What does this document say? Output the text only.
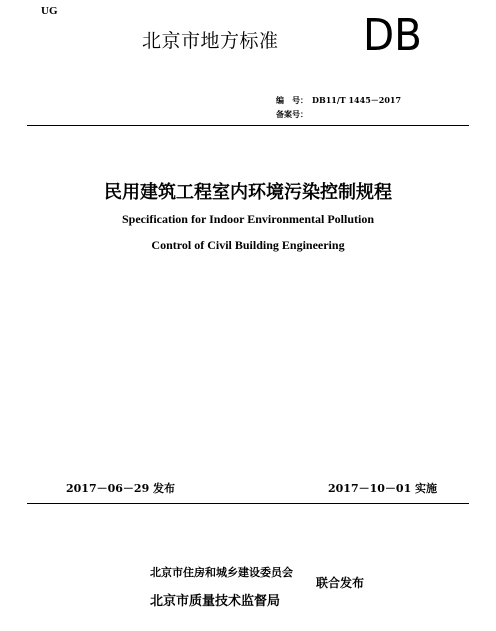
UG
北京市地方标准 DB
编　号： DB11/T 1445－2017
备案号：
民用建筑工程室内环境污染控制规程
Specification for Indoor Environmental Pollution
Control of Civil Building Engineering
2017－06－29 发布	2017－10－01 实施
北京市住房和城乡建设委员会
北京市质量技术监督局
联合发布
